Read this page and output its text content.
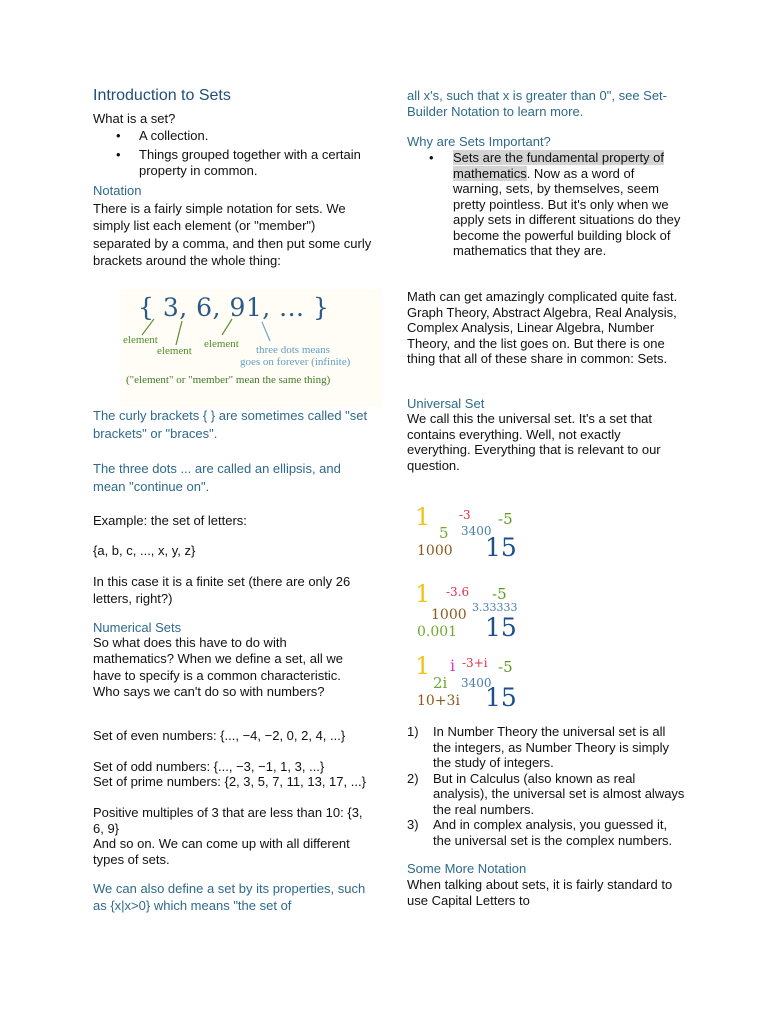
Introduction to Sets
What is a set?
• A collection.
• Things grouped together with a certain property in common.
Notation
There is a fairly simple notation for sets. We simply list each element (or "member") separated by a comma, and then put some curly brackets around the whole thing:
The curly brackets { } are sometimes called "set brackets" or "braces".
The three dots ... are called an ellipsis, and mean "continue on".
Example: the set of letters:
{a, b, c, ..., x, y, z}
In this case it is a finite set (there are only 26 letters, right?)
Numerical Sets
So what does this have to do with mathematics? When we define a set, all we have to specify is a common characteristic. Who says we can't do so with numbers?
Set of even numbers: {..., −4, −2, 0, 2, 4, ...}
Set of odd numbers: {..., −3, −1, 1, 3, ...}
Set of prime numbers: {2, 3, 5, 7, 11, 13, 17, ...}
Positive multiples of 3 that are less than 10: {3, 6, 9}
And so on. We can come up with all different types of sets.
We can also define a set by its properties, such as {x|x>0} which means "the set of
{ 3, 6, 91, ... }
element
element
element three dots means
goes on forever (infinite)
("element" or "member" mean the same thing)
all x's, such that x is greater than 0", see Set-Builder Notation to learn more.
Why are Sets Important?
• Sets are the fundamental property of mathematics. Now as a word of warning, sets, by themselves, seem pretty pointless. But it's only when we apply sets in different situations do they become the powerful building block of mathematics that they are.
Math can get amazingly complicated quite fast. Graph Theory, Abstract Algebra, Real Analysis, Complex Analysis, Linear Algebra, Number Theory, and the list goes on. But there is one thing that all of these share in common: Sets.
Universal Set
We call this the universal set. It's a set that contains everything. Well, not exactly everything. Everything that is relevant to our question.
1) In Number Theory the universal set is all the integers, as Number Theory is simply the study of integers.
2) But in Calculus (also known as real analysis), the universal set is almost always the real numbers.
3) And in complex analysis, you guessed it, the universal set is the complex numbers.
Some More Notation
When talking about sets, it is fairly standard to use Capital Letters to
1 -3 -5
5 3400
1000 15
1 -3.6 -5
1000 3.33333
0.001 15
1 i -3+i -5
2i 3400
10+3i 15
